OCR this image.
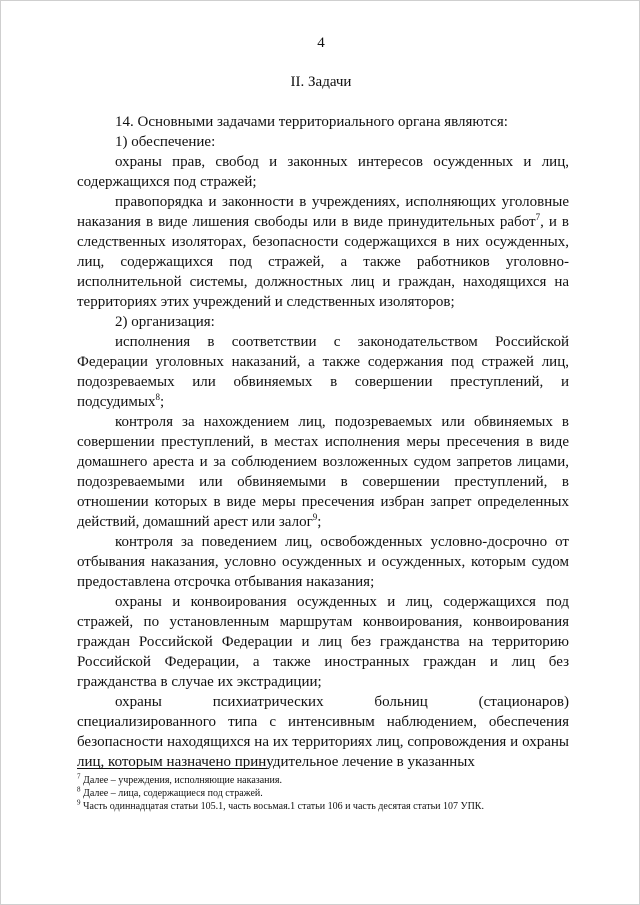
4
II. Задачи

14. Основными задачами территориального органа являются:

1) обеспечение:

охраны прав, свобод и законных интересов осужденных и лиц, содержащихся под стражей;

правопорядка и законности в учреждениях, исполняющих уголовные наказания в виде лишения свободы или в виде принудительных работ$^7$, и в следственных изоляторах, безопасности содержащихся в них осужденных, лиц, содержащихся под стражей, а также работников уголовно-исполнительной системы, должностных лиц и граждан, находящихся на территориях этих учреждений и следственных изоляторов;

2) организация:

исполнения в соответствии с законодательством Российской Федерации уголовных наказаний, а также содержания под стражей лиц, подозреваемых или обвиняемых в совершении преступлений, и подсудимых$^8$;

контроля за нахождением лиц, подозреваемых или обвиняемых в совершении преступлений, в местах исполнения меры пресечения в виде домашнего ареста и за соблюдением возложенных судом запретов лицами, подозреваемыми или обвиняемыми в совершении преступлений, в отношении которых в виде меры пресечения избран запрет определенных действий, домашний арест или залог$^9$;

контроля за поведением лиц, освобожденных условно-досрочно от отбывания наказания, условно осужденных и осужденных, которым судом предоставлена отсрочка отбывания наказания;

охраны и конвоирования осужденных и лиц, содержащихся под стражей, по установленным маршрутам конвоирования, конвоирования граждан Российской Федерации и лиц без гражданства на территорию Российской Федерации, а также иностранных граждан и лиц без гражданства в случае их экстрадиции;

охраны психиатрических больниц (стационаров) специализированного типа с интенсивным наблюдением, обеспечения безопасности находящихся на их территориях лиц, сопровождения и охраны лиц, которым назначено принудительное лечение в указанных

$^7$ Далее – учреждения, исполняющие наказания.
$^8$ Далее – лица, содержащиеся под стражей.
$^9$ Часть одиннадцатая статьи 105.1, часть восьмая.1 статьи 106 и часть десятая статьи 107 УПК.
